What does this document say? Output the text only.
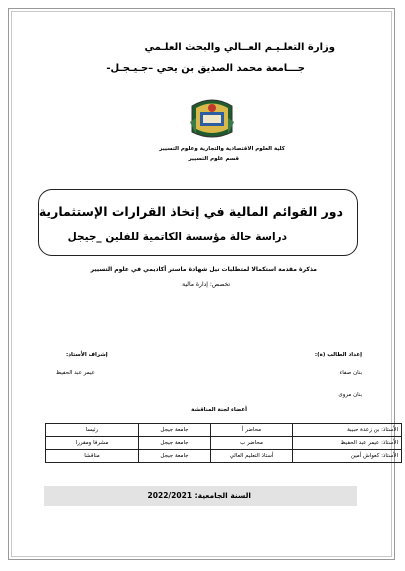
وزارة التعلـيـم العــالي والبحث العلـمي
جـــامعة محمد الصديق بن يحي –جـيـجـل-
كلية العلوم الاقتصادية والتجارية وعلوم التسيير
قسم علوم التسيير
دور القوائم المالية في إتخاذ القرارات الإستثمارية
دراسة حالة مؤسسة الكاتمية للفلين _جيجل
مذكرة مقدمة استكمالا لمتطلبات نيل شهادة ماستر أكاديمي في علوم التسيير
تخصص: إدارة مالية
إعداد الطالب (ة):
بنان صفاء
بنان مروى
إشراف الأستاذ:
عيمر عبد الحفيظ
أعضاء لجنة المناقشة
الأستاذ: بن زعدة حبيبة	محاضر أ	جامعة جيجل	رئيسا
الأستاذ: عيمر عبد الحفيظ	محاضر ب	جامعة جيجل	مشرفا ومقررا
الأستاذ: كعواش أمين	أستاذ التعليم العالي	جامعة جيجل	مناقشا
السنة الجامعية: 2022/2021
